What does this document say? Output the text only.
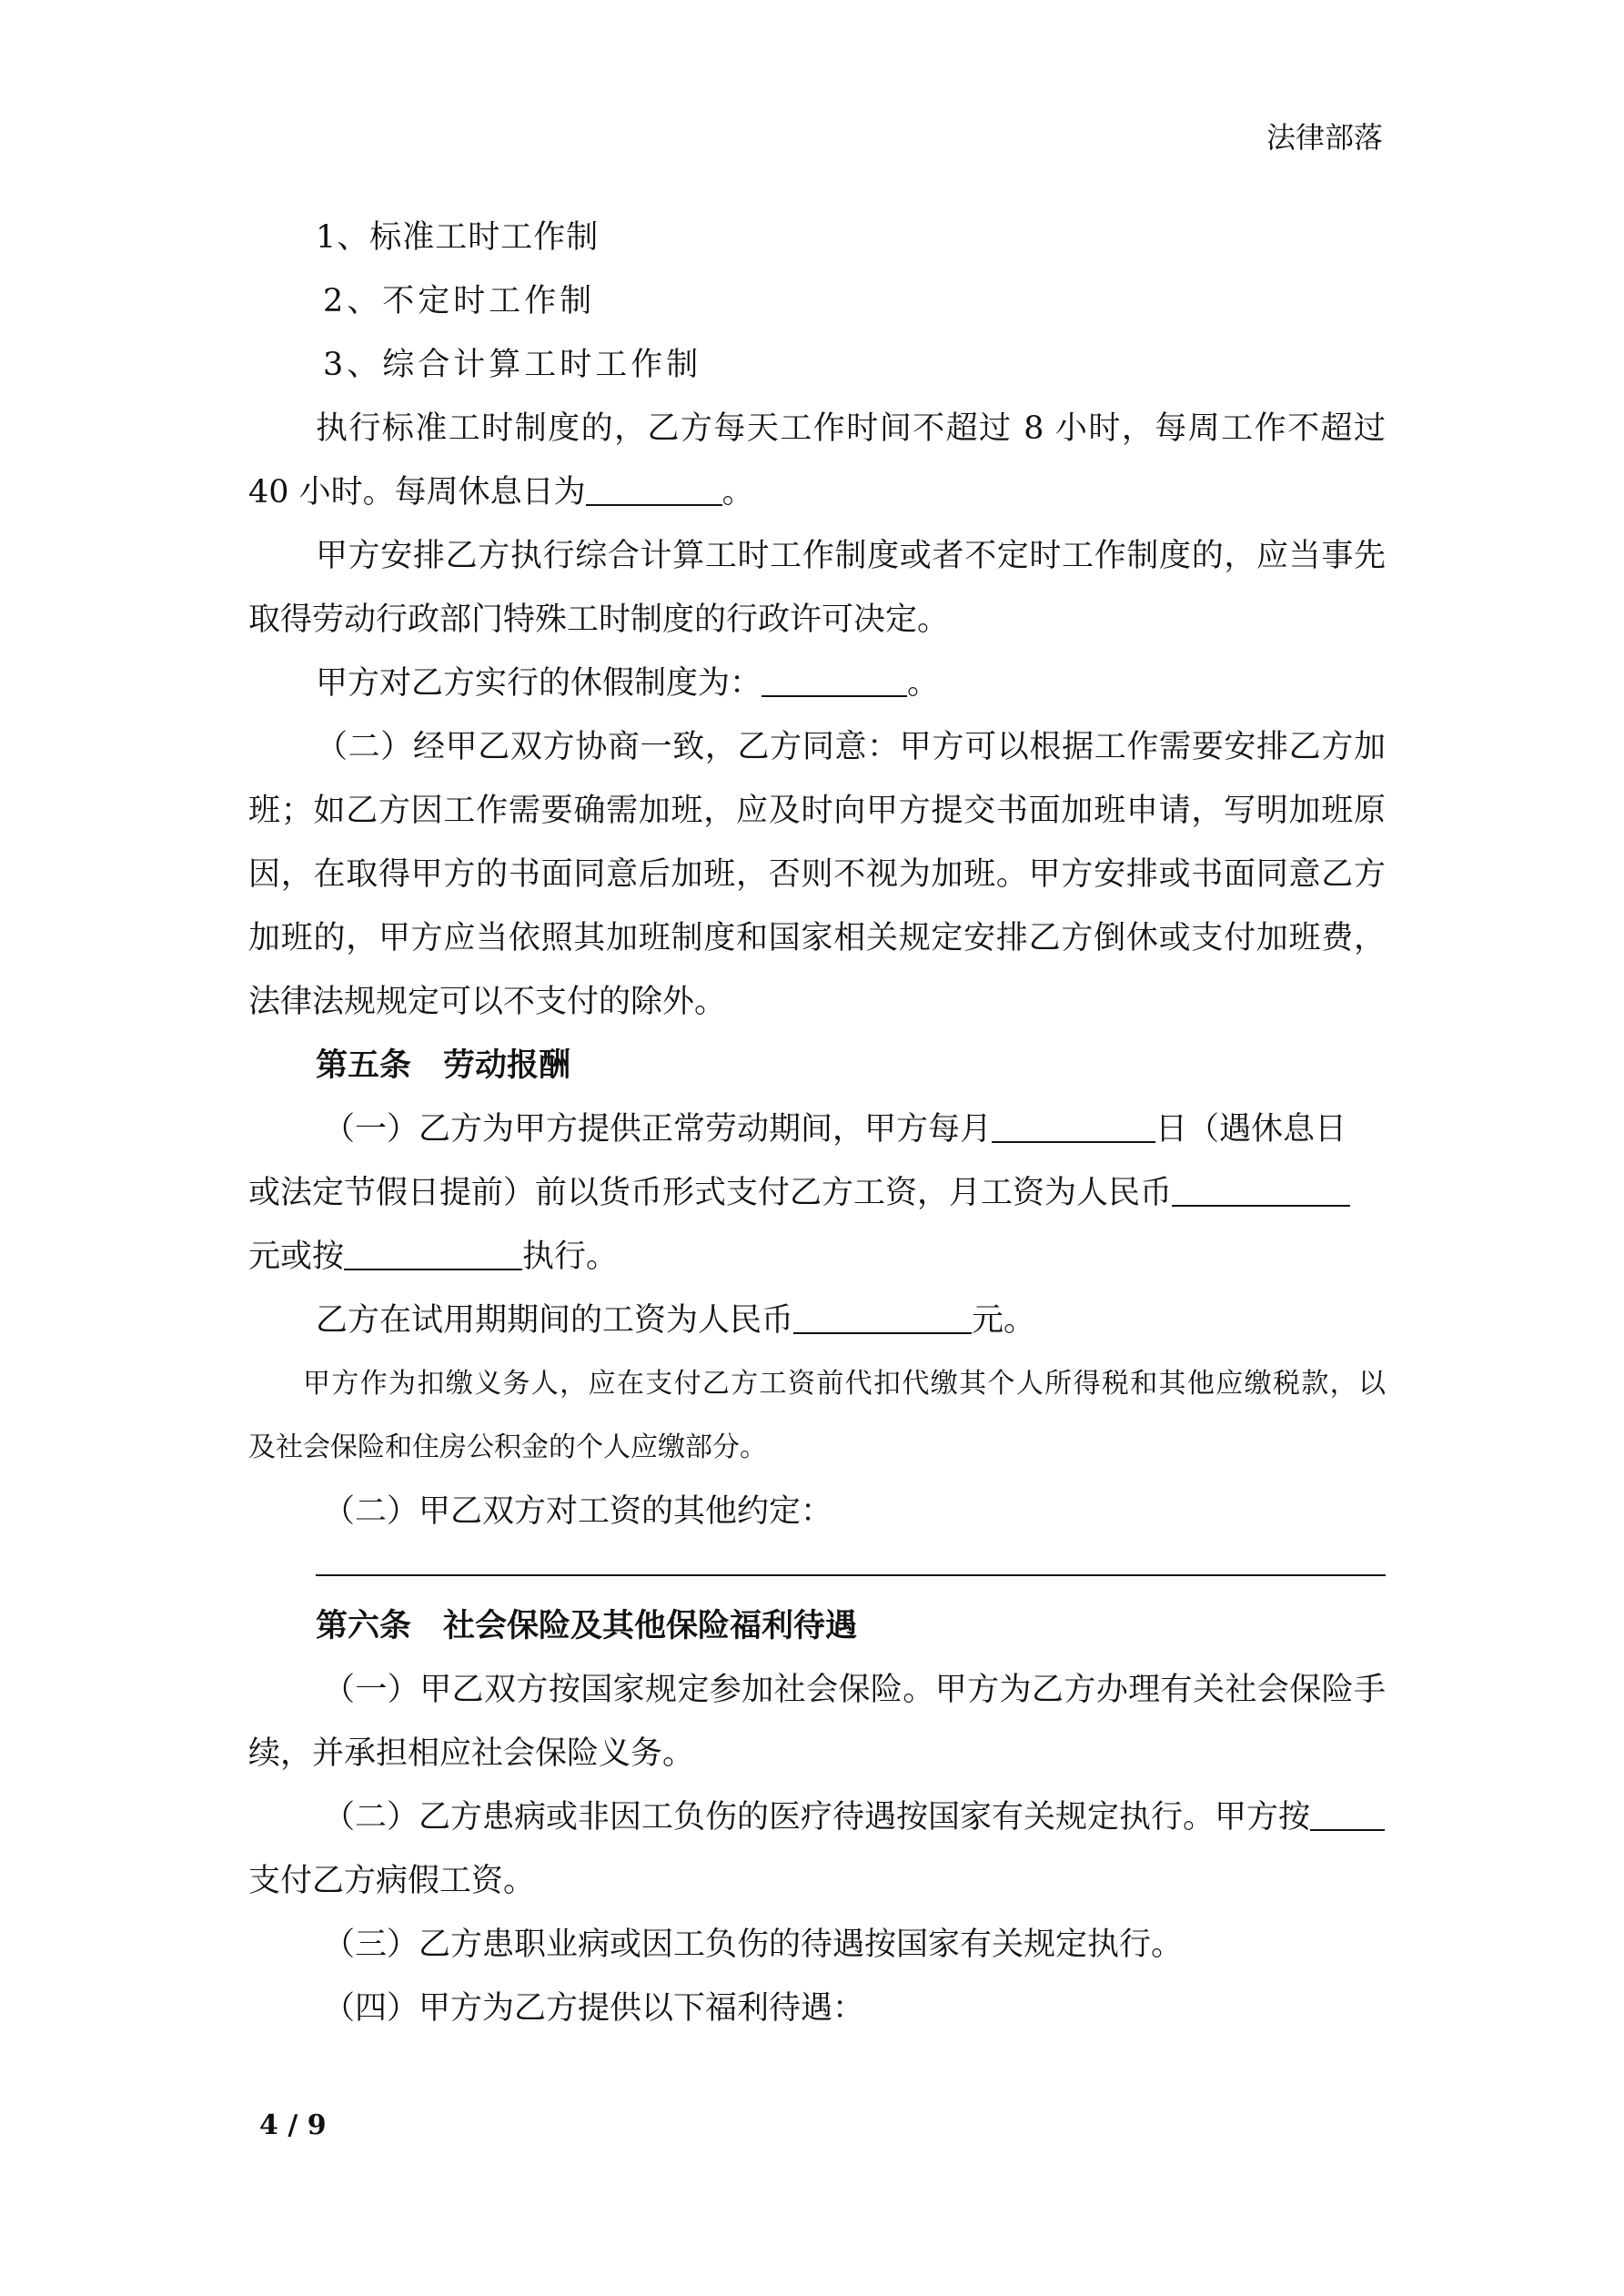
法律部落

1、标准工时工作制

2、不定时工作制

3、综合计算工时工作制

执行标准工时制度的，乙方每天工作时间不超过 8 小时，每周工作不超过

40 小时。每周休息日为	。

甲方安排乙方执行综合计算工时工作制度或者不定时工作制度的，应当事先

取得劳动行政部门特殊工时制度的行政许可决定。

甲方对乙方实行的休假制度为：	。

（二）经甲乙双方协商一致，乙方同意：甲方可以根据工作需要安排乙方加

班；如乙方因工作需要确需加班，应及时向甲方提交书面加班申请，写明加班原

因，在取得甲方的书面同意后加班，否则不视为加班。甲方安排或书面同意乙方

加班的，甲方应当依照其加班制度和国家相关规定安排乙方倒休或支付加班费，

法律法规规定可以不支付的除外。

第五条　劳动报酬

（一）乙方为甲方提供正常劳动期间，甲方每月	日（遇休息日

或法定节假日提前）前以货币形式支付乙方工资，月工资为人民币

元或按	执行。

乙方在试用期期间的工资为人民币	元。

甲方作为扣缴义务人，应在支付乙方工资前代扣代缴其个人所得税和其他应缴税款，以

及社会保险和住房公积金的个人应缴部分。

（二）甲乙双方对工资的其他约定：

第六条　社会保险及其他保险福利待遇

（一）甲乙双方按国家规定参加社会保险。甲方为乙方办理有关社会保险手

续，并承担相应社会保险义务。

（二）乙方患病或非因工负伤的医疗待遇按国家有关规定执行。甲方按

支付乙方病假工资。

（三）乙方患职业病或因工负伤的待遇按国家有关规定执行。

（四）甲方为乙方提供以下福利待遇：

4 / 9
